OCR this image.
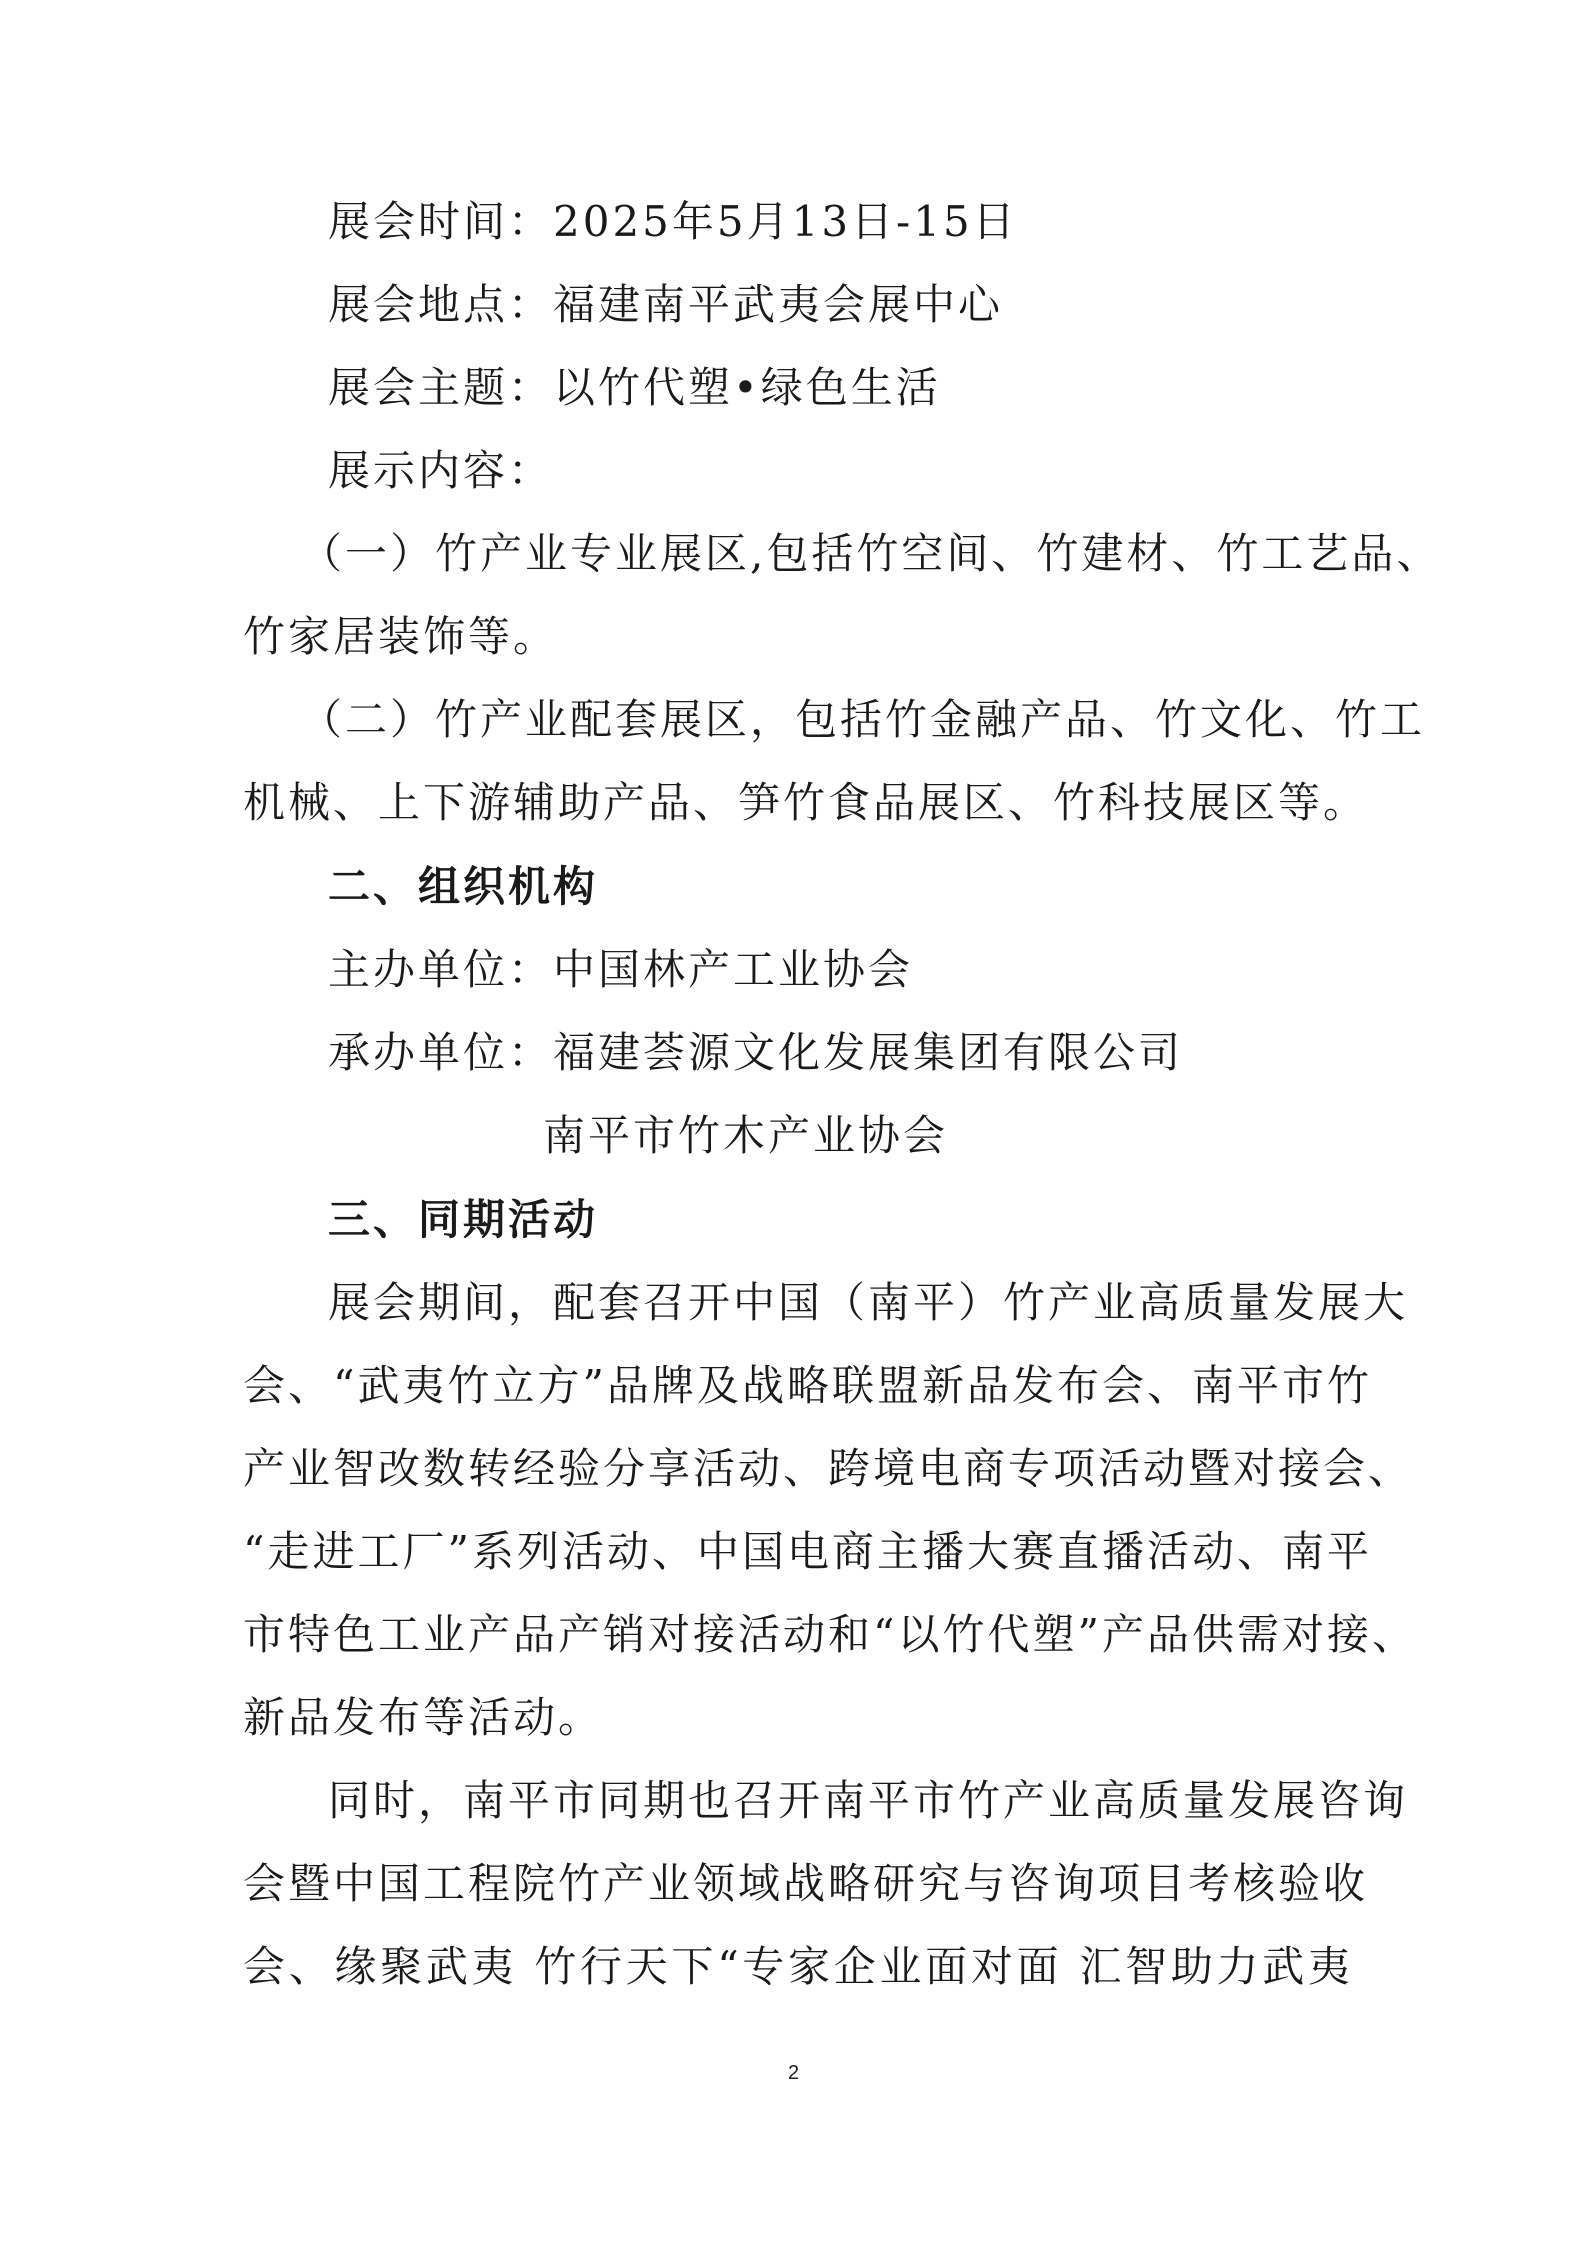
展会时间：2025年5月13日-15日
展会地点：福建南平武夷会展中心
展会主题：以竹代塑•绿色生活
展示内容：
（一）竹产业专业展区,包括竹空间、竹建材、竹工艺品、
竹家居装饰等。
（二）竹产业配套展区，包括竹金融产品、竹文化、竹工
机械、上下游辅助产品、笋竹食品展区、竹科技展区等。
二、组织机构
主办单位：中国林产工业协会
承办单位：福建荟源文化发展集团有限公司
南平市竹木产业协会
三、同期活动
展会期间，配套召开中国（南平）竹产业高质量发展大
会、“武夷竹立方”品牌及战略联盟新品发布会、南平市竹
产业智改数转经验分享活动、跨境电商专项活动暨对接会、
“走进工厂”系列活动、中国电商主播大赛直播活动、南平
市特色工业产品产销对接活动和“以竹代塑”产品供需对接、
新品发布等活动。
同时，南平市同期也召开南平市竹产业高质量发展咨询
会暨中国工程院竹产业领域战略研究与咨询项目考核验收
会、缘聚武夷 竹行天下“专家企业面对面 汇智助力武夷
2
